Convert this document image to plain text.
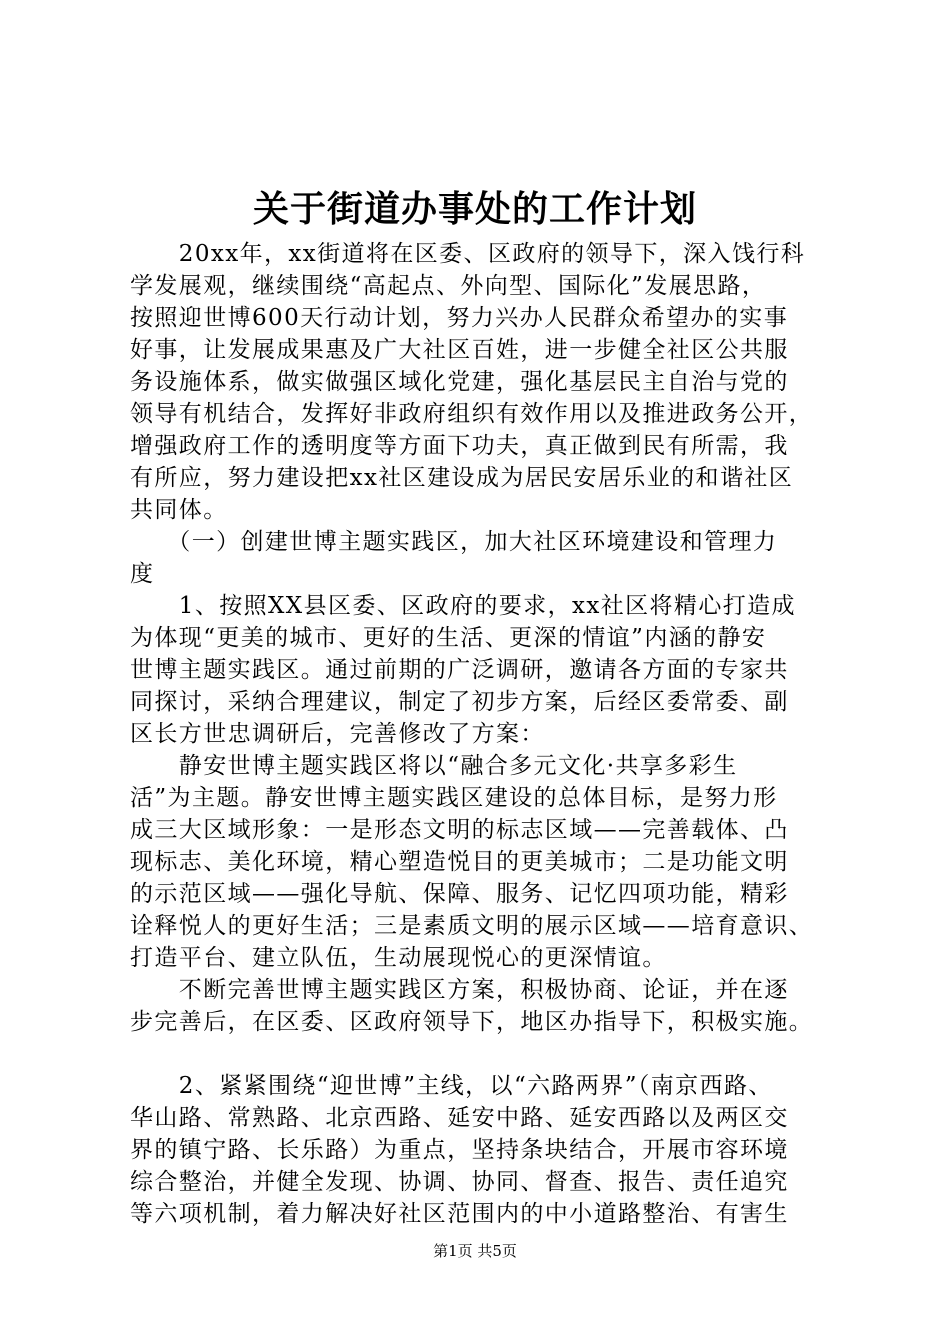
关于街道办事处的工作计划
　　20xx年，xx街道将在区委、区政府的领导下，深入饯行科
学发展观，继续围绕“高起点、外向型、国际化”发展思路，
按照迎世博600天行动计划，努力兴办人民群众希望办的实事
好事，让发展成果惠及广大社区百姓，进一步健全社区公共服
务设施体系，做实做强区域化党建，强化基层民主自治与党的
领导有机结合，发挥好非政府组织有效作用以及推进政务公开，
增强政府工作的透明度等方面下功夫，真正做到民有所需，我
有所应，努力建设把xx社区建设成为居民安居乐业的和谐社区
共同体。
　　（一）创建世博主题实践区，加大社区环境建设和管理力
度
　　1、按照XX县区委、区政府的要求，xx社区将精心打造成
为体现“更美的城市、更好的生活、更深的情谊”内涵的静安
世博主题实践区。通过前期的广泛调研，邀请各方面的专家共
同探讨，采纳合理建议，制定了初步方案，后经区委常委、副
区长方世忠调研后，完善修改了方案：
　　静安世博主题实践区将以“融合多元文化·共享多彩生
活”为主题。静安世博主题实践区建设的总体目标，是努力形
成三大区域形象：一是形态文明的标志区域——完善载体、凸
现标志、美化环境，精心塑造悦目的更美城市；二是功能文明
的示范区域——强化导航、保障、服务、记忆四项功能，精彩
诠释悦人的更好生活；三是素质文明的展示区域——培育意识、
打造平台、建立队伍，生动展现悦心的更深情谊。
　　不断完善世博主题实践区方案，积极协商、论证，并在逐
步完善后，在区委、区政府领导下，地区办指导下，积极实施。
　　2、紧紧围绕“迎世博”主线，以“六路两界”（南京西路、
华山路、常熟路、北京西路、延安中路、延安西路以及两区交
界的镇宁路、长乐路）为重点，坚持条块结合，开展市容环境
综合整治，并健全发现、协调、协同、督查、报告、责任追究
等六项机制，着力解决好社区范围内的中小道路整治、有害生
第1页 共5页
